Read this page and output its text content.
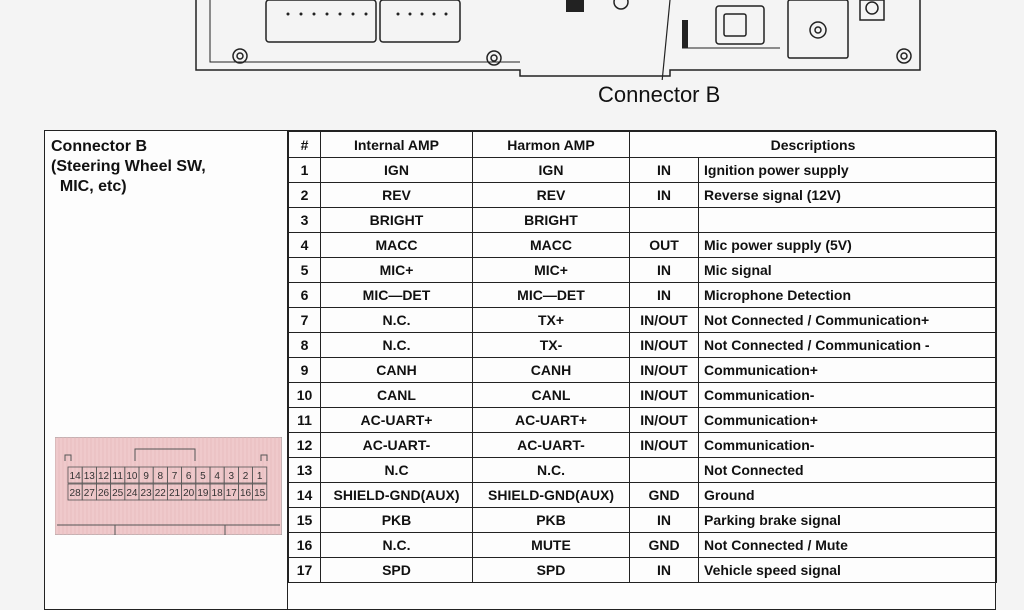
Connector B
Connector B
(Steering Wheel SW,
MIC, etc)
14 13 12 11 10 9 8 7 6 5 4 3 2 1
28 27 26 25 24 23 22 21 20 19 18 17 16 15
#	Internal AMP	Harmon AMP	Descriptions	
1	IGN	IGN	IN	Ignition power supply
2	REV	REV	IN	Reverse signal (12V)
3	BRIGHT	BRIGHT		
4	MACC	MACC	OUT	Mic power supply (5V)
5	MIC+	MIC+	IN	Mic signal
6	MIC—DET	MIC—DET	IN	Microphone Detection
7	N.C.	TX+	IN/OUT	Not Connected / Communication+
8	N.C.	TX-	IN/OUT	Not Connected / Communication -
9	CANH	CANH	IN/OUT	Communication+
10	CANL	CANL	IN/OUT	Communication-
11	AC-UART+	AC-UART+	IN/OUT	Communication+
12	AC-UART-	AC-UART-	IN/OUT	Communication-
13	N.C	N.C.		Not Connected
14	SHIELD-GND(AUX)	SHIELD-GND(AUX)	GND	Ground
15	PKB	PKB	IN	Parking brake signal
16	N.C.	MUTE	GND	Not Connected / Mute
17	SPD	SPD	IN	Vehicle speed signal
